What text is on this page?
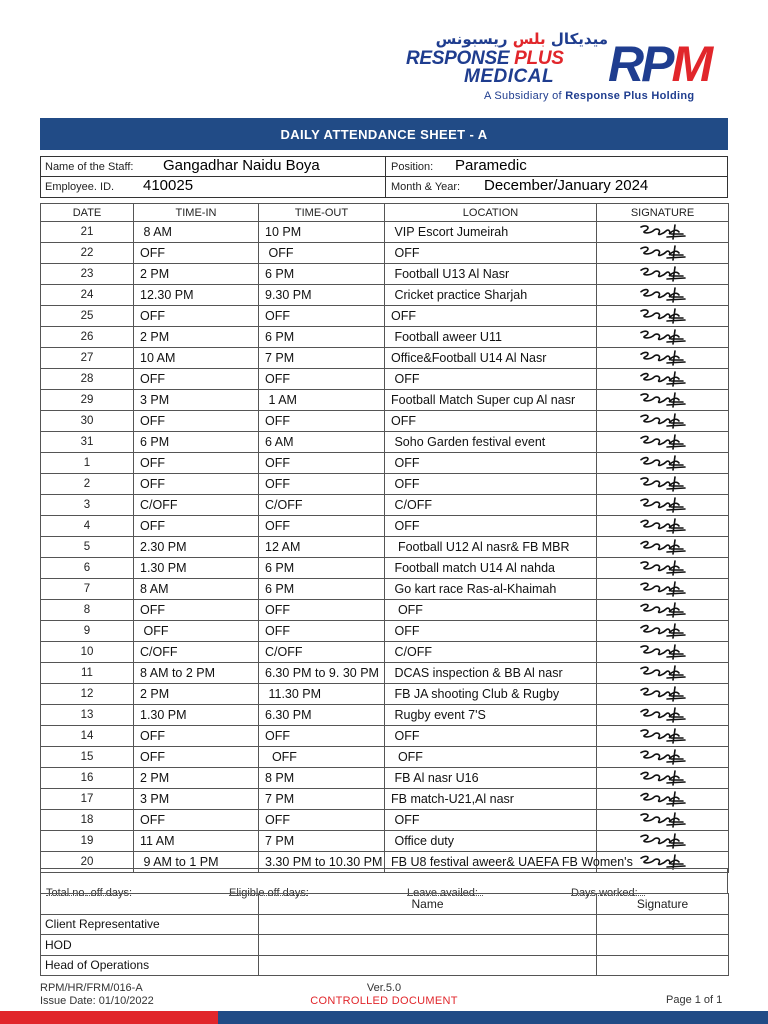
ميديكال بلس ريسبونس
RESPONSE PLUS
MEDICAL RPM
A Subsidiary of Response Plus Holding
DAILY ATTENDANCE SHEET - A
Name of the Staff: Gangadhar Naidu Boya	Position: Paramedic
Employee. ID. 410025	Month & Year: December/January 2024
DATE	TIME-IN	TIME-OUT	LOCATION	SIGNATURE
21	8 AM	10 PM	VIP Escort Jumeirah	

22	OFF	OFF	OFF	

23	2 PM	6 PM	Football U13 Al Nasr	

24	12.30 PM	9.30 PM	Cricket practice Sharjah	

25	OFF	OFF	OFF	

26	2 PM	6 PM	Football aweer U11	

27	10 AM	7 PM	Office&Football U14 Al Nasr	

28	OFF	OFF	OFF	

29	3 PM	1 AM	Football Match Super cup Al nasr	

30	OFF	OFF	OFF	

31	6 PM	6 AM	Soho Garden festival event	

1	OFF	OFF	OFF	

2	OFF	OFF	OFF	

3	C/OFF	C/OFF	C/OFF	

4	OFF	OFF	OFF	

5	2.30 PM	12 AM	Football U12 Al nasr& FB MBR	

6	1.30 PM	6 PM	Football match U14 Al nahda	

7	8 AM	6 PM	Go kart race Ras-al-Khaimah	

8	OFF	OFF	OFF	

9	OFF	OFF	OFF	

10	C/OFF	C/OFF	C/OFF	

11	8 AM to 2 PM	6.30 PM to 9. 30 PM	DCAS inspection & BB Al nasr	

12	2 PM	11.30 PM	FB JA shooting Club & Rugby	

13	1.30 PM	6.30 PM	Rugby event 7'S	

14	OFF	OFF	OFF	

15	OFF	OFF	OFF	

16	2 PM	8 PM	FB Al nasr U16	

17	3 PM	7 PM	FB match-U21,Al nasr	

18	OFF	OFF	OFF	

19	11 AM	7 PM	Office duty	

20	9 AM to 1 PM	3.30 PM to 10.30 PM	FB U8 festival aweer& UAEFA FB Women's	
Total no. off days:	Eligible off days:	Leave availed:	Days worked:
	Name	Signature
Client Representative		
HOD		
Head of Operations		
RPM/HR/FRM/016-A
Issue Date: 01/10/2022
Ver.5.0
CONTROLLED DOCUMENT	Page 1 of 1
